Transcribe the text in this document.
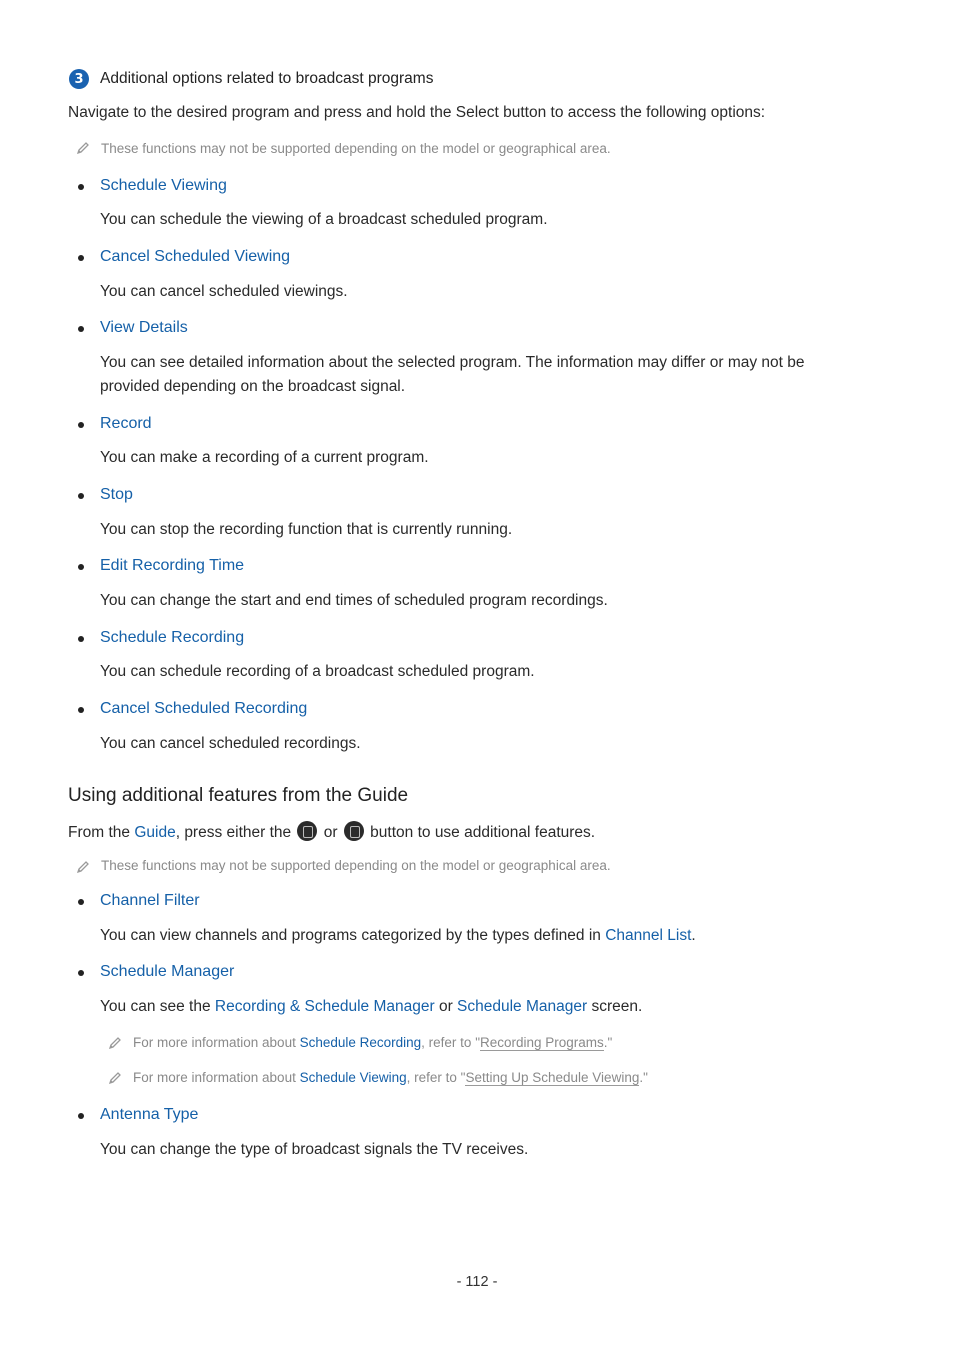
3	Additional options related to broadcast programs
Navigate to the desired program and press and hold the Select button to access the following options:
These functions may not be supported depending on the model or geographical area.
Schedule Viewing
You can schedule the viewing of a broadcast scheduled program.
Cancel Scheduled Viewing
You can cancel scheduled viewings.
View Details
You can see detailed information about the selected program. The information may differ or may not be
provided depending on the broadcast signal.
Record
You can make a recording of a current program.
Stop
You can stop the recording function that is currently running.
Edit Recording Time
You can change the start and end times of scheduled program recordings.
Schedule Recording
You can schedule recording of a broadcast scheduled program.
Cancel Scheduled Recording
You can cancel scheduled recordings.
Using additional features from the Guide
From the Guide, press either the  or  button to use additional features.
These functions may not be supported depending on the model or geographical area.
Channel Filter
You can view channels and programs categorized by the types defined in Channel List.
Schedule Manager
You can see the Recording & Schedule Manager or Schedule Manager screen.
For more information about Schedule Recording, refer to "Recording Programs."
For more information about Schedule Viewing, refer to "Setting Up Schedule Viewing."
Antenna Type
You can change the type of broadcast signals the TV receives.
- 112 -
